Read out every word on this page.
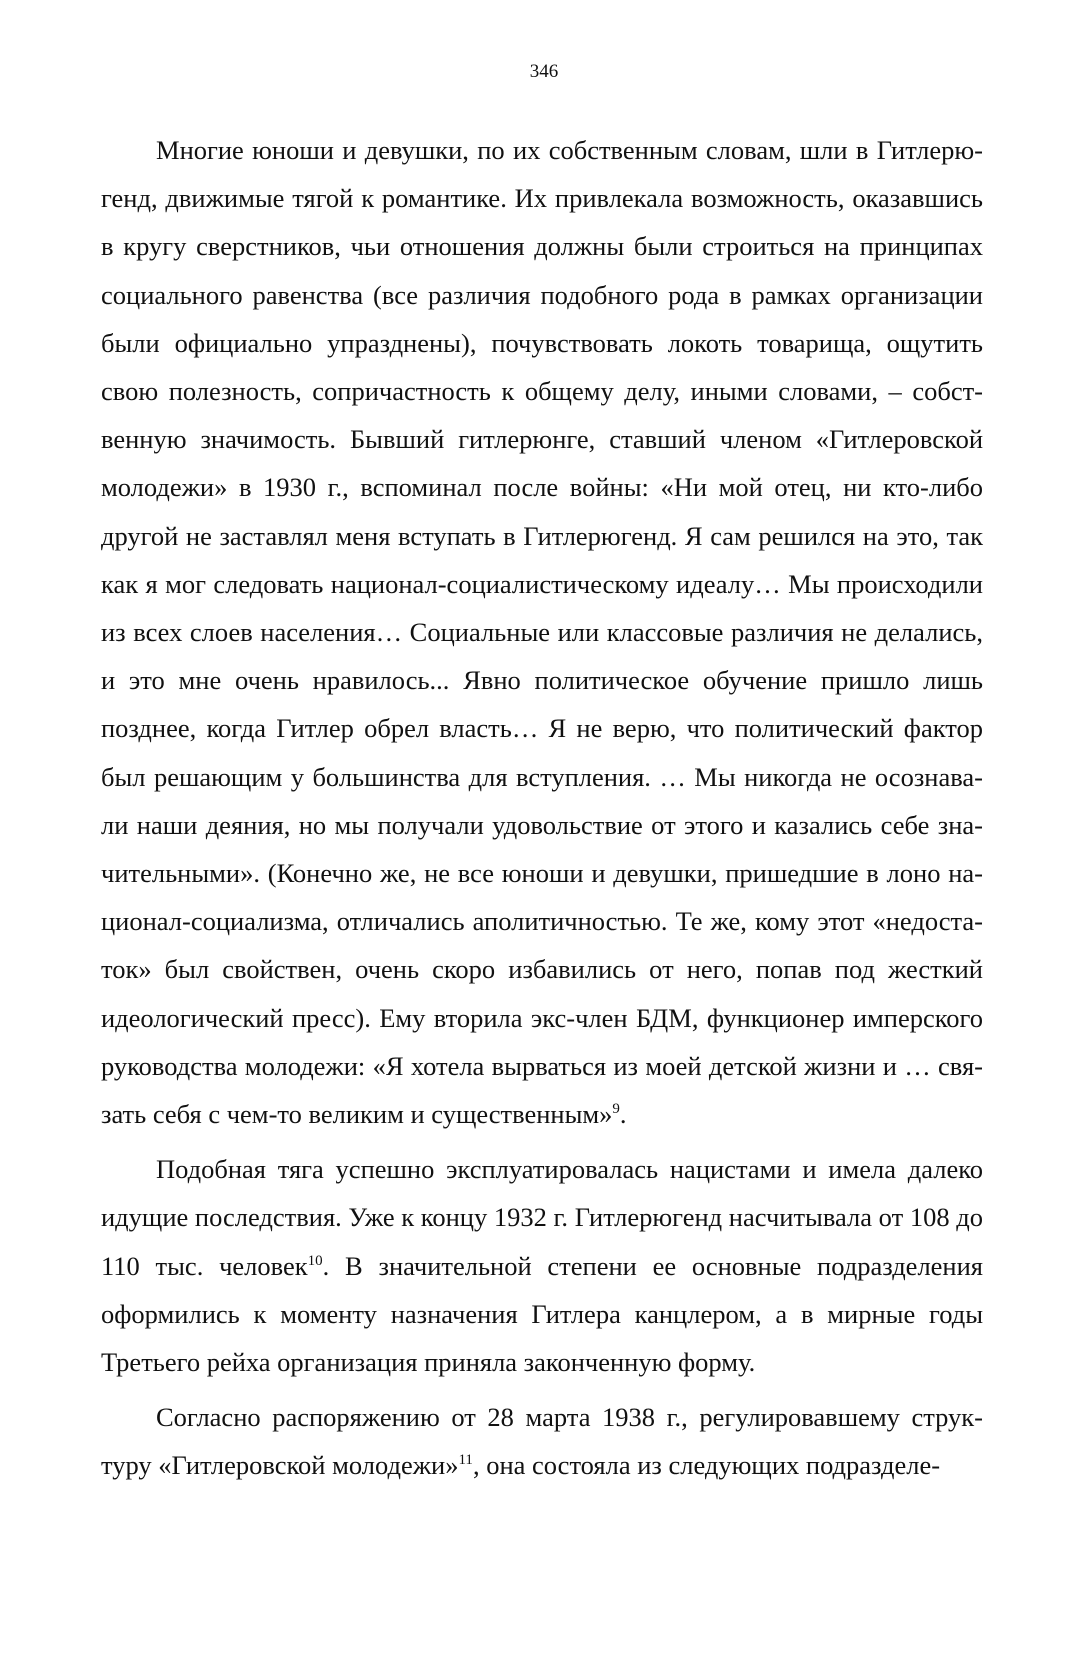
346

Многие юноши и девушки, по их собственным словам, шли в Гитлерюгенд, движимые тягой к романтике. Их привлекала возможность, оказавшись в кругу сверстников, чьи отношения должны были строиться на принципах социального равенства (все различия подобного рода в рамках организации были официально упразднены), почувствовать локоть товарища, ощутить свою полезность, сопричастность к общему делу, иными словами, – собственную значимость. Бывший гитлерюнге, ставший членом «Гитлеровской молодежи» в 1930 г., вспоминал после войны: «Ни мой отец, ни кто-либо другой не заставлял меня вступать в Гитлерюгенд. Я сам решился на это, так как я мог следовать национал-социалистическому идеалу… Мы происходили из всех слоев населения… Социальные или классовые различия не делались, и это мне очень нравилось... Явно политическое обучение пришло лишь позднее, когда Гитлер обрел власть… Я не верю, что политический фактор был решающим у большинства для вступления. … Мы никогда не осознавали наши деяния, но мы получали удовольствие от этого и казались себе значительными». (Конечно же, не все юноши и девушки, пришедшие в лоно национал-социализма, отличались аполитичностью. Те же, кому этот «недостаток» был свойствен, очень скоро избавились от него, попав под жесткий идеологический пресс). Ему вторила экс-член БДМ, функционер имперского руководства молодежи: «Я хотела вырваться из моей детской жизни и … связать себя с чем-то великим и существенным»$^9$.

Подобная тяга успешно эксплуатировалась нацистами и имела далеко идущие последствия. Уже к концу 1932 г. Гитлерюгенд насчитывала от 108 до 110 тыс. человек$^{10}$. В значительной степени ее основные подразделения оформились к моменту назначения Гитлера канцлером, а в мирные годы Третьего рейха организация приняла законченную форму.

Согласно распоряжению от 28 марта 1938 г., регулировавшему структуру «Гитлеровской молодежи»$^{11}$, она состояла из следующих подразделе-
